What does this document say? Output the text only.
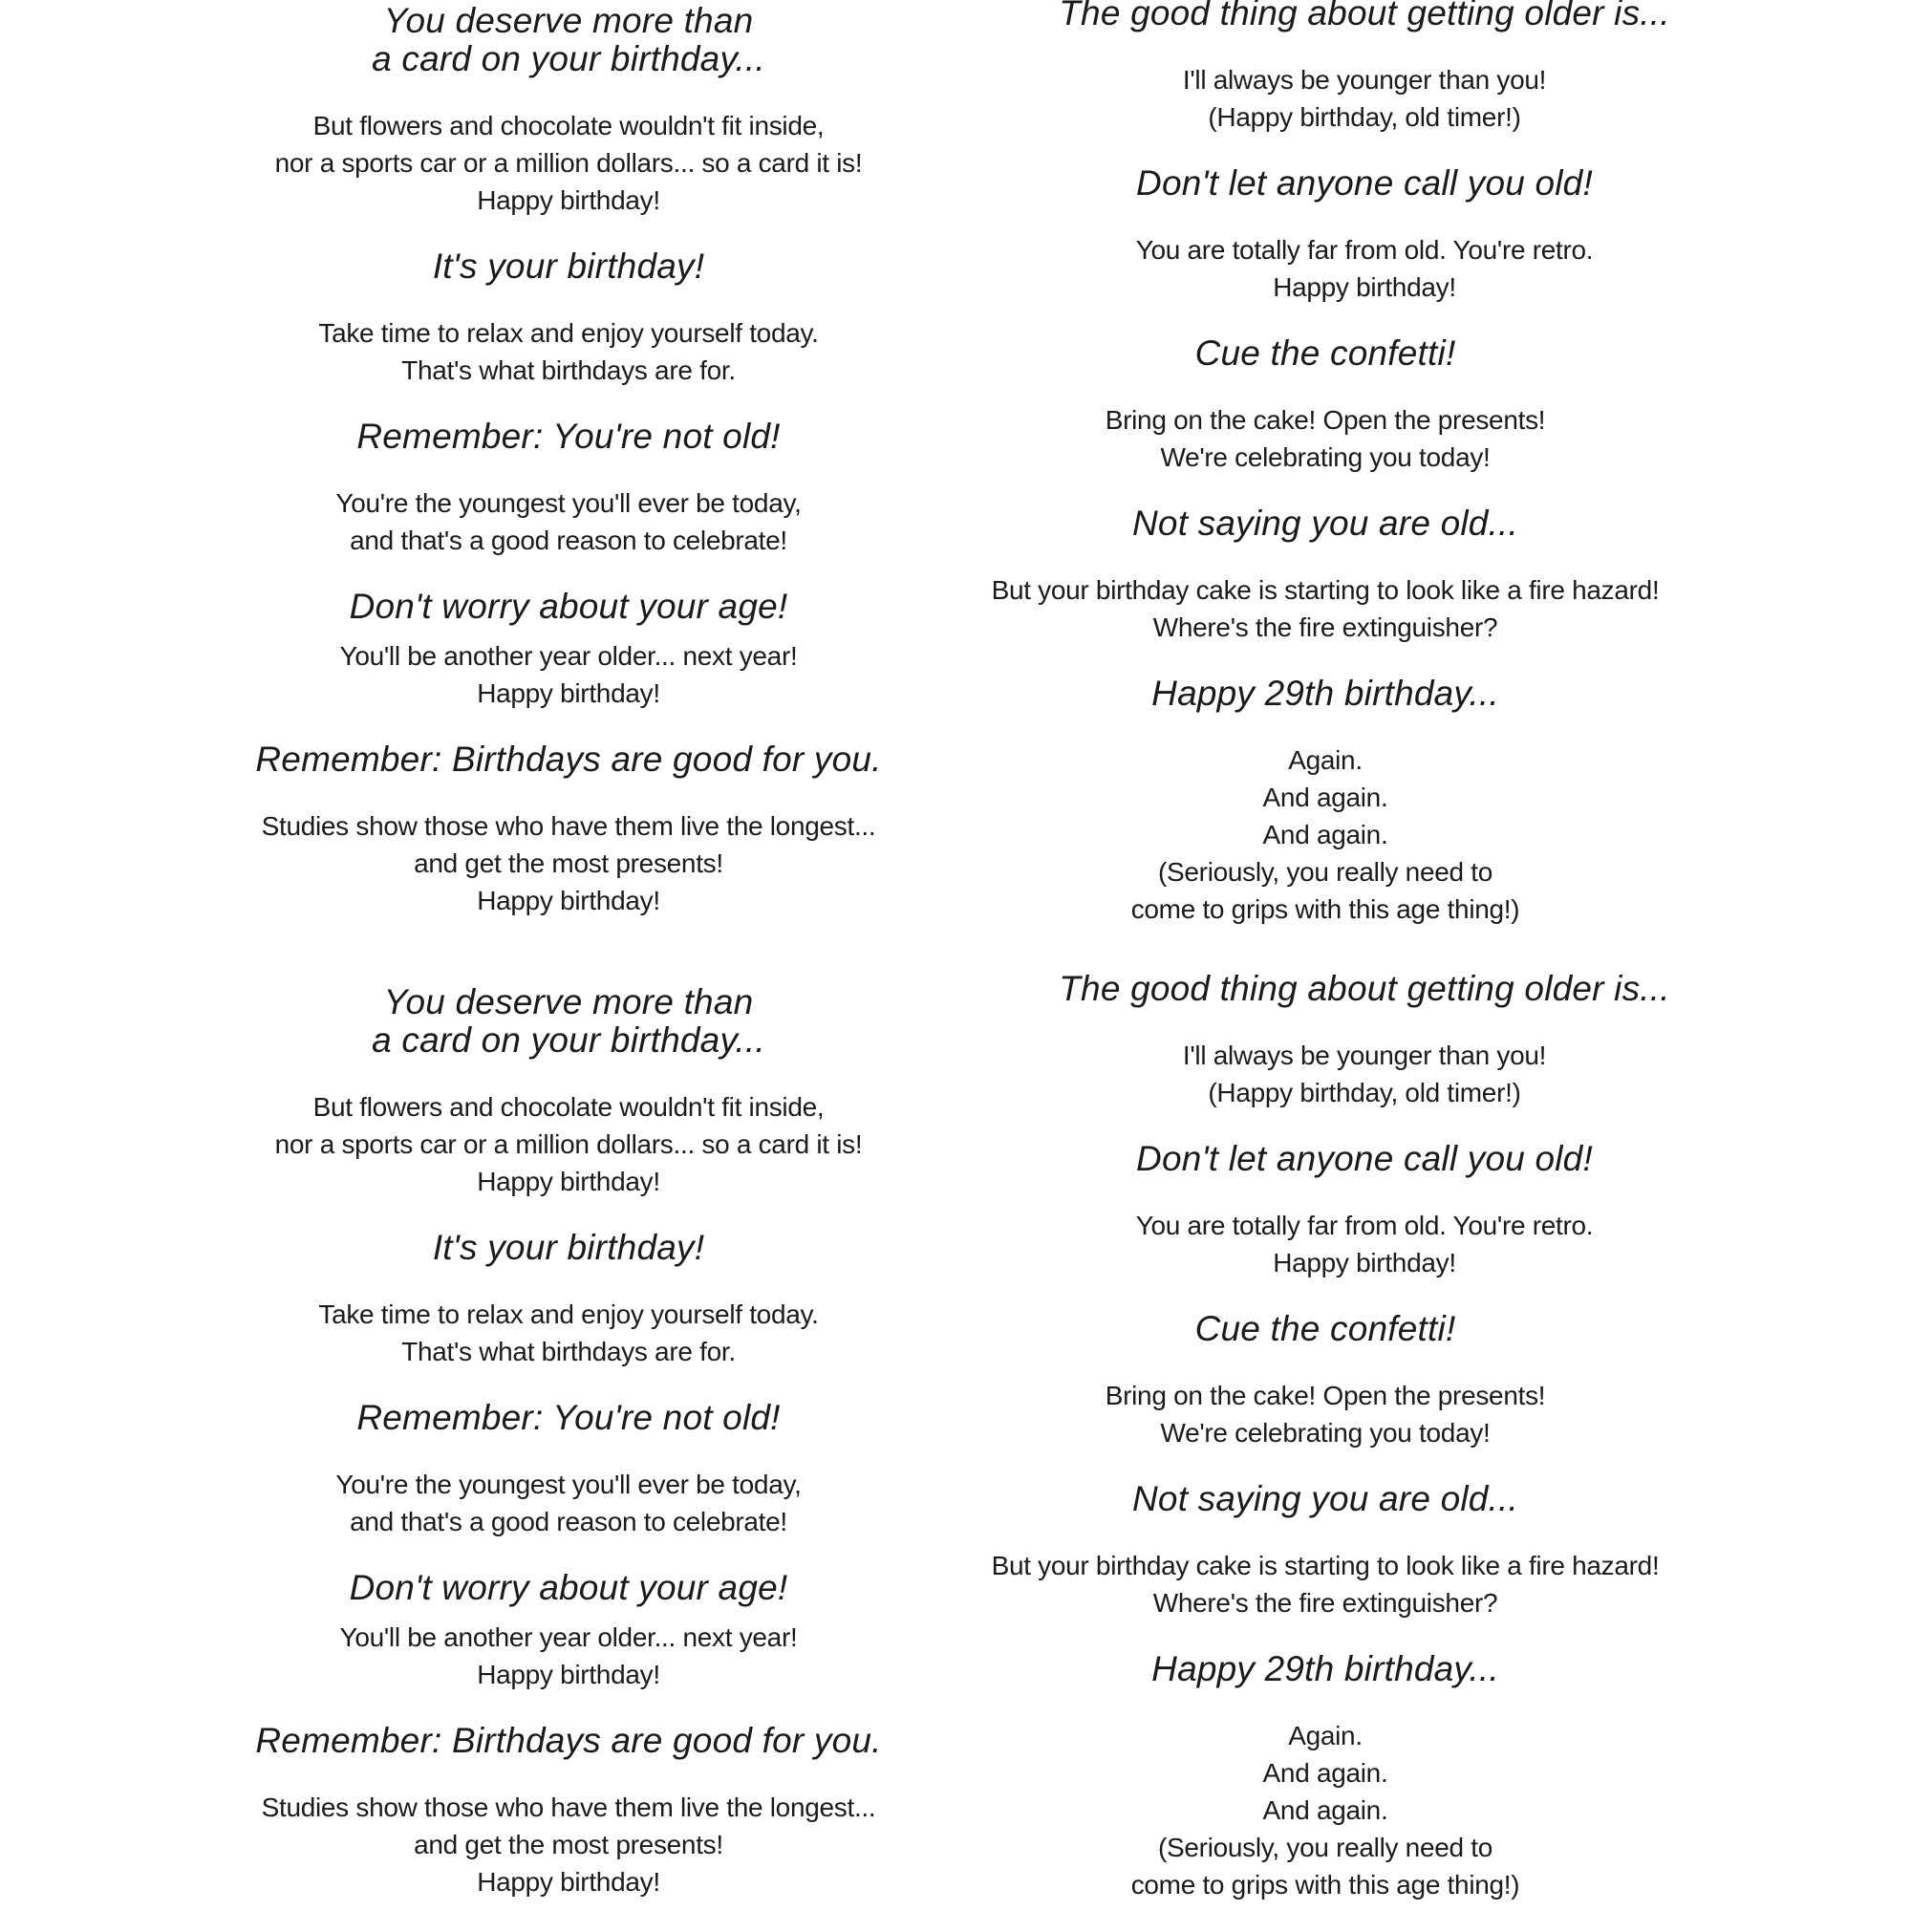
You deserve more than
a card on your birthday...
But flowers and chocolate wouldn't fit inside,
nor a sports car or a million dollars... so a card it is!
Happy birthday!
It's your birthday!
Take time to relax and enjoy yourself today.
That's what birthdays are for.
Remember: You're not old!
You're the youngest you'll ever be today,
and that's a good reason to celebrate!
Don't worry about your age!
You'll be another year older... next year!
Happy birthday!
Remember: Birthdays are good for you.
Studies show those who have them live the longest...
and get the most presents!
Happy birthday!
You deserve more than
a card on your birthday...
But flowers and chocolate wouldn't fit inside,
nor a sports car or a million dollars... so a card it is!
Happy birthday!
It's your birthday!
Take time to relax and enjoy yourself today.
That's what birthdays are for.
Remember: You're not old!
You're the youngest you'll ever be today,
and that's a good reason to celebrate!
Don't worry about your age!
You'll be another year older... next year!
Happy birthday!
Remember: Birthdays are good for you.
Studies show those who have them live the longest...
and get the most presents!
Happy birthday!
The good thing about getting older is...
I'll always be younger than you!
(Happy birthday, old timer!)
Don't let anyone call you old!
You are totally far from old. You're retro.
Happy birthday!
Cue the confetti!
Bring on the cake! Open the presents!
We're celebrating you today!
Not saying you are old...
But your birthday cake is starting to look like a fire hazard!
Where's the fire extinguisher?
Happy 29th birthday...
Again.
And again.
And again.
(Seriously, you really need to
come to grips with this age thing!)
The good thing about getting older is...
I'll always be younger than you!
(Happy birthday, old timer!)
Don't let anyone call you old!
You are totally far from old. You're retro.
Happy birthday!
Cue the confetti!
Bring on the cake! Open the presents!
We're celebrating you today!
Not saying you are old...
But your birthday cake is starting to look like a fire hazard!
Where's the fire extinguisher?
Happy 29th birthday...
Again.
And again.
And again.
(Seriously, you really need to
come to grips with this age thing!)
